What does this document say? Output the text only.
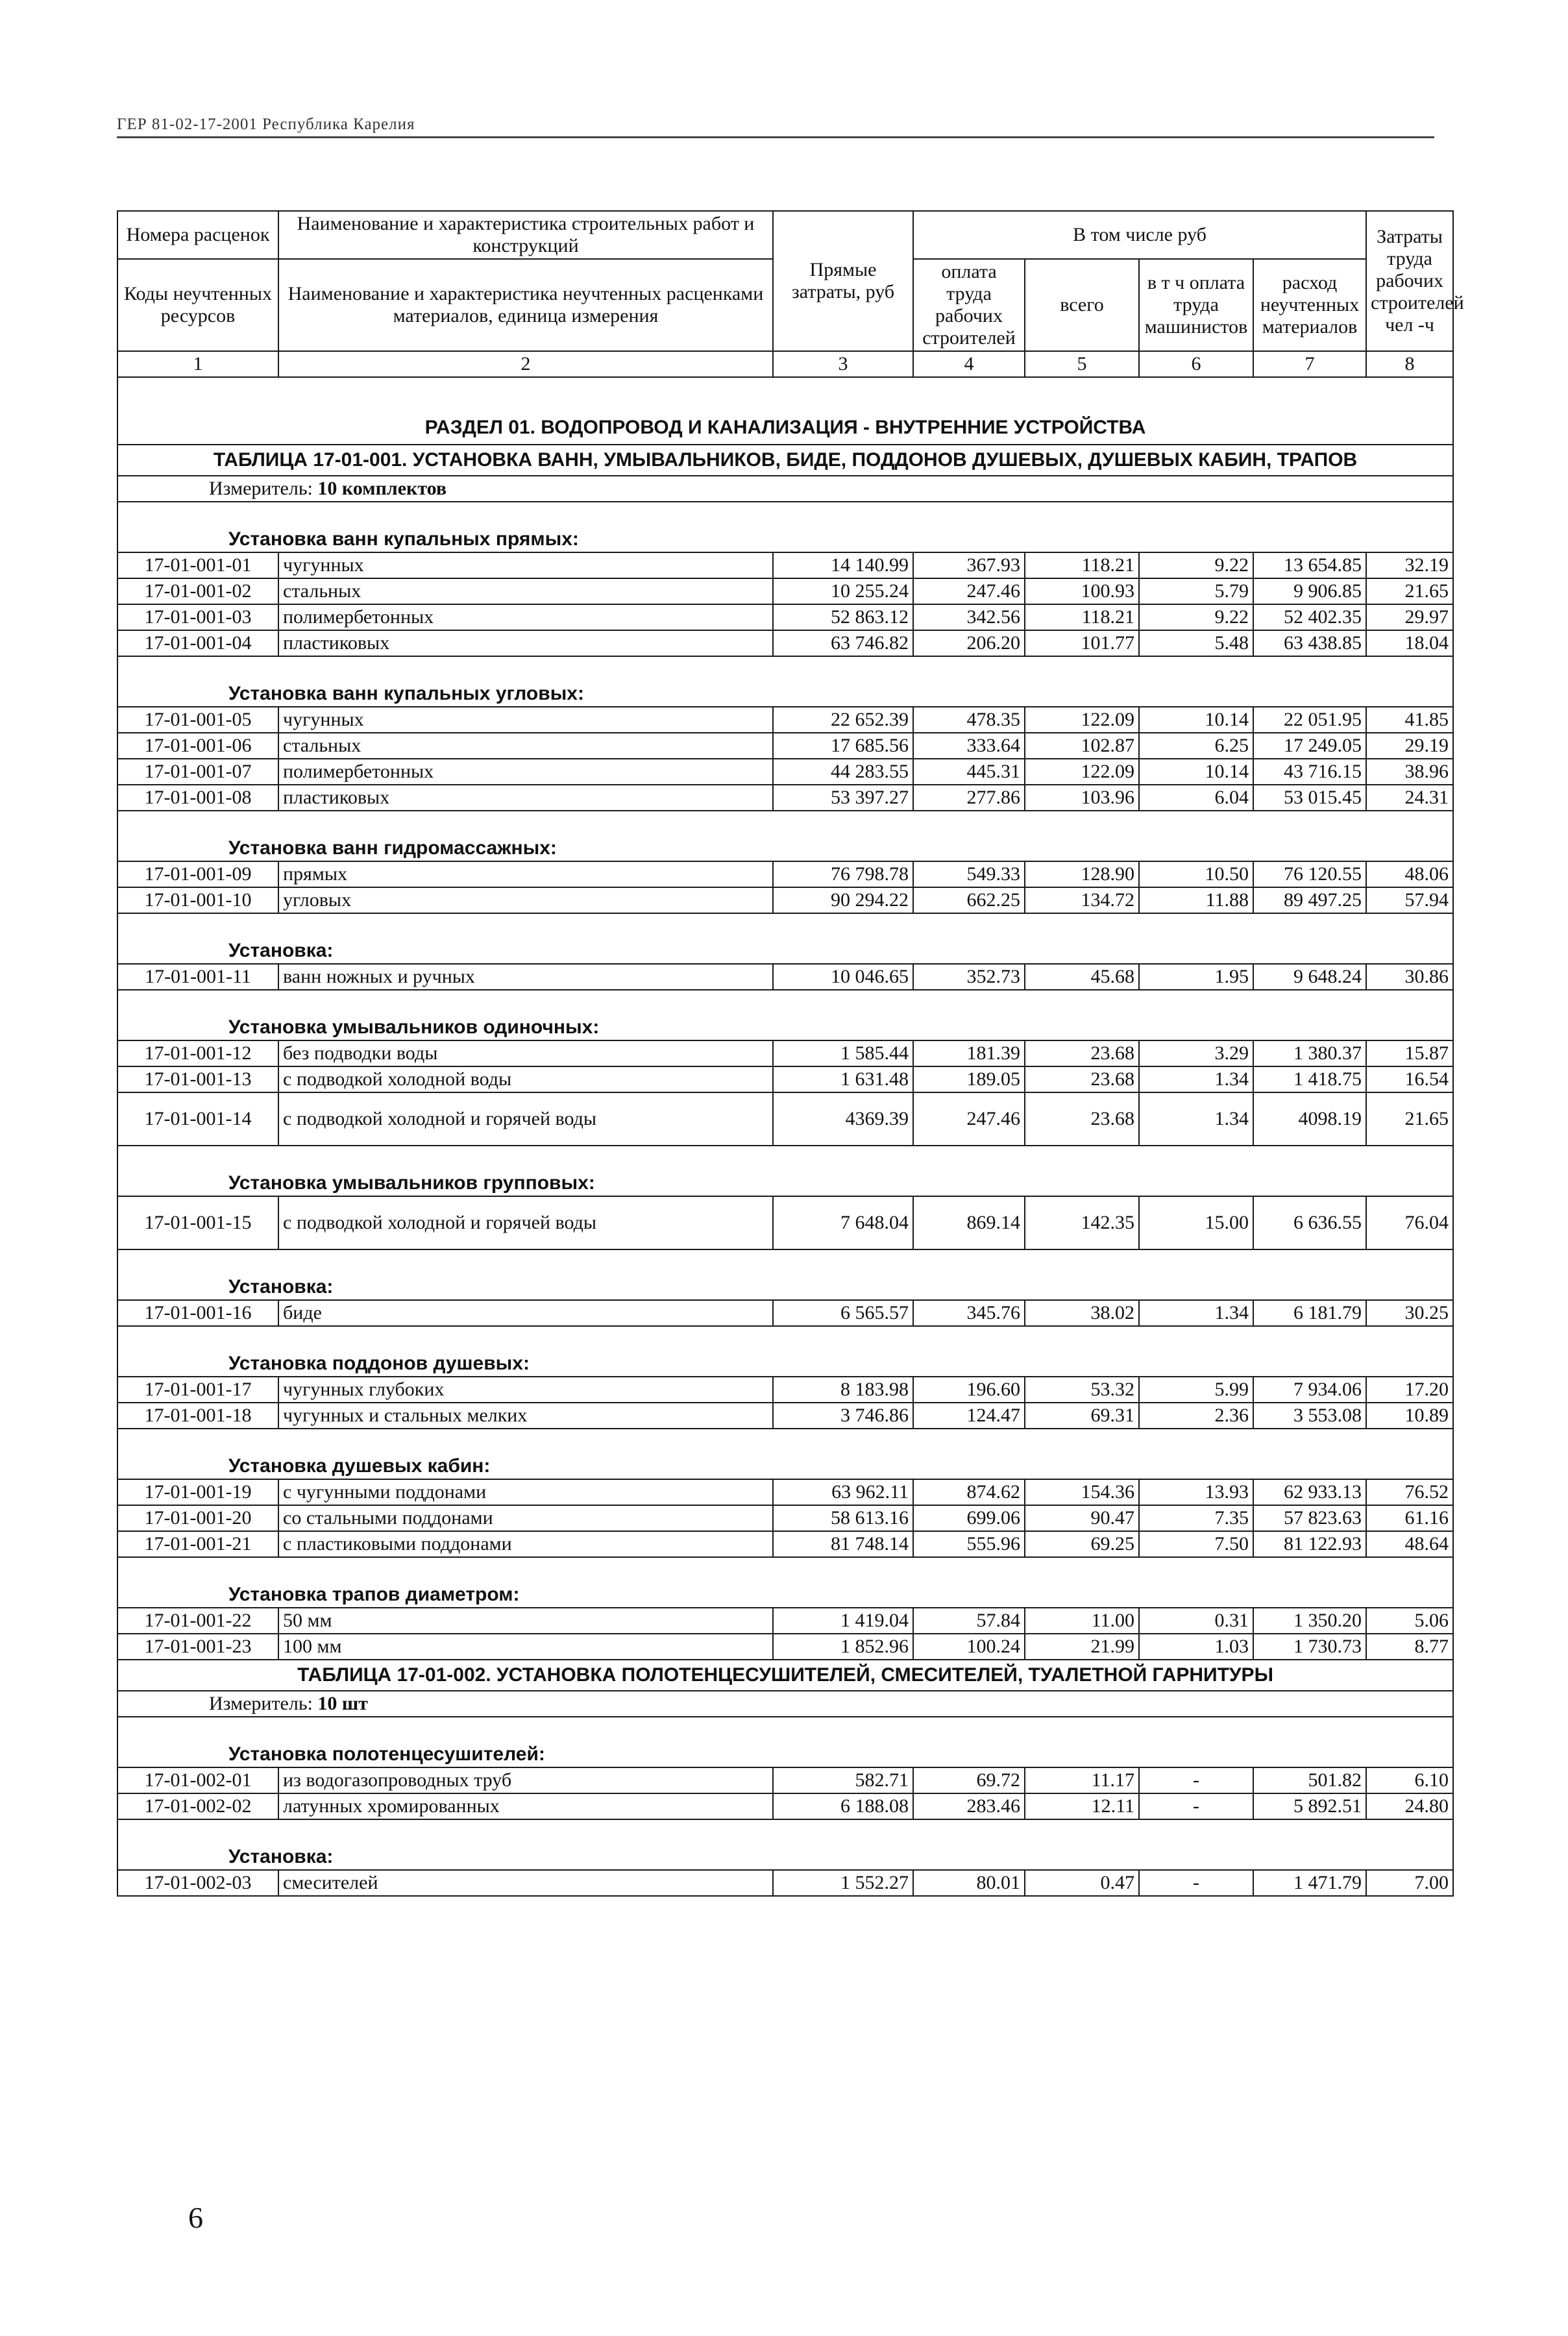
ГЕР 81-02-17-2001 Республика Карелия
Номера расценок	Наименование и характеристика строительных работ и конструкций	Прямые затраты, руб	В том числе руб				Затраты труда рабочих строителей чел -ч
Коды неучтенных ресурсов	Наименование и характеристика неучтенных расценками материалов, единица измерения		оплата труда рабочих строителей	всего	в т ч оплата труда машинистов	расход неучтенных материалов	
1	2	3	4	5	6	7	8
РАЗДЕЛ 01. ВОДОПРОВОД И КАНАЛИЗАЦИЯ - ВНУТРЕННИЕ УСТРОЙСТВА							
ТАБЛИЦА 17-01-001. УСТАНОВКА ВАНН, УМЫВАЛЬНИКОВ, БИДЕ, ПОДДОНОВ ДУШЕВЫХ, ДУШЕВЫХ КАБИН, ТРАПОВ							
Измеритель: 10 комплектов							
Установка ванн купальных прямых:							
17-01-001-01	чугунных	14 140.99	367.93	118.21	9.22	13 654.85	32.19
17-01-001-02	стальных	10 255.24	247.46	100.93	5.79	9 906.85	21.65
17-01-001-03	полимербетонных	52 863.12	342.56	118.21	9.22	52 402.35	29.97
17-01-001-04	пластиковых	63 746.82	206.20	101.77	5.48	63 438.85	18.04
Установка ванн купальных угловых:							
17-01-001-05	чугунных	22 652.39	478.35	122.09	10.14	22 051.95	41.85
17-01-001-06	стальных	17 685.56	333.64	102.87	6.25	17 249.05	29.19
17-01-001-07	полимербетонных	44 283.55	445.31	122.09	10.14	43 716.15	38.96
17-01-001-08	пластиковых	53 397.27	277.86	103.96	6.04	53 015.45	24.31
Установка ванн гидромассажных:							
17-01-001-09	прямых	76 798.78	549.33	128.90	10.50	76 120.55	48.06
17-01-001-10	угловых	90 294.22	662.25	134.72	11.88	89 497.25	57.94
Установка:							
17-01-001-11	ванн ножных и ручных	10 046.65	352.73	45.68	1.95	9 648.24	30.86
Установка умывальников одиночных:							
17-01-001-12	без подводки воды	1 585.44	181.39	23.68	3.29	1 380.37	15.87
17-01-001-13	с подводкой холодной воды	1 631.48	189.05	23.68	1.34	1 418.75	16.54
17-01-001-14	с подводкой холодной и горячей воды	4369.39	247.46	23.68	1.34	4098.19	21.65
Установка умывальников групповых:							
17-01-001-15	с подводкой холодной и горячей воды	7 648.04	869.14	142.35	15.00	6 636.55	76.04
Установка:							
17-01-001-16	биде	6 565.57	345.76	38.02	1.34	6 181.79	30.25
Установка поддонов душевых:							
17-01-001-17	чугунных глубоких	8 183.98	196.60	53.32	5.99	7 934.06	17.20
17-01-001-18	чугунных и стальных мелких	3 746.86	124.47	69.31	2.36	3 553.08	10.89
Установка душевых кабин:							
17-01-001-19	с чугунными поддонами	63 962.11	874.62	154.36	13.93	62 933.13	76.52
17-01-001-20	со стальными поддонами	58 613.16	699.06	90.47	7.35	57 823.63	61.16
17-01-001-21	с пластиковыми поддонами	81 748.14	555.96	69.25	7.50	81 122.93	48.64
Установка трапов диаметром:							
17-01-001-22	50 мм	1 419.04	57.84	11.00	0.31	1 350.20	5.06
17-01-001-23	100 мм	1 852.96	100.24	21.99	1.03	1 730.73	8.77
ТАБЛИЦА 17-01-002. УСТАНОВКА ПОЛОТЕНЦЕСУШИТЕЛЕЙ, СМЕСИТЕЛЕЙ, ТУАЛЕТНОЙ ГАРНИТУРЫ							
Измеритель: 10 шт							
Установка полотенцесушителей:							
17-01-002-01	из водогазопроводных труб	582.71	69.72	11.17	-	501.82	6.10
17-01-002-02	латунных хромированных	6 188.08	283.46	12.11	-	5 892.51	24.80
Установка:							
17-01-002-03	смесителей	1 552.27	80.01	0.47	-	1 471.79	7.00
6
